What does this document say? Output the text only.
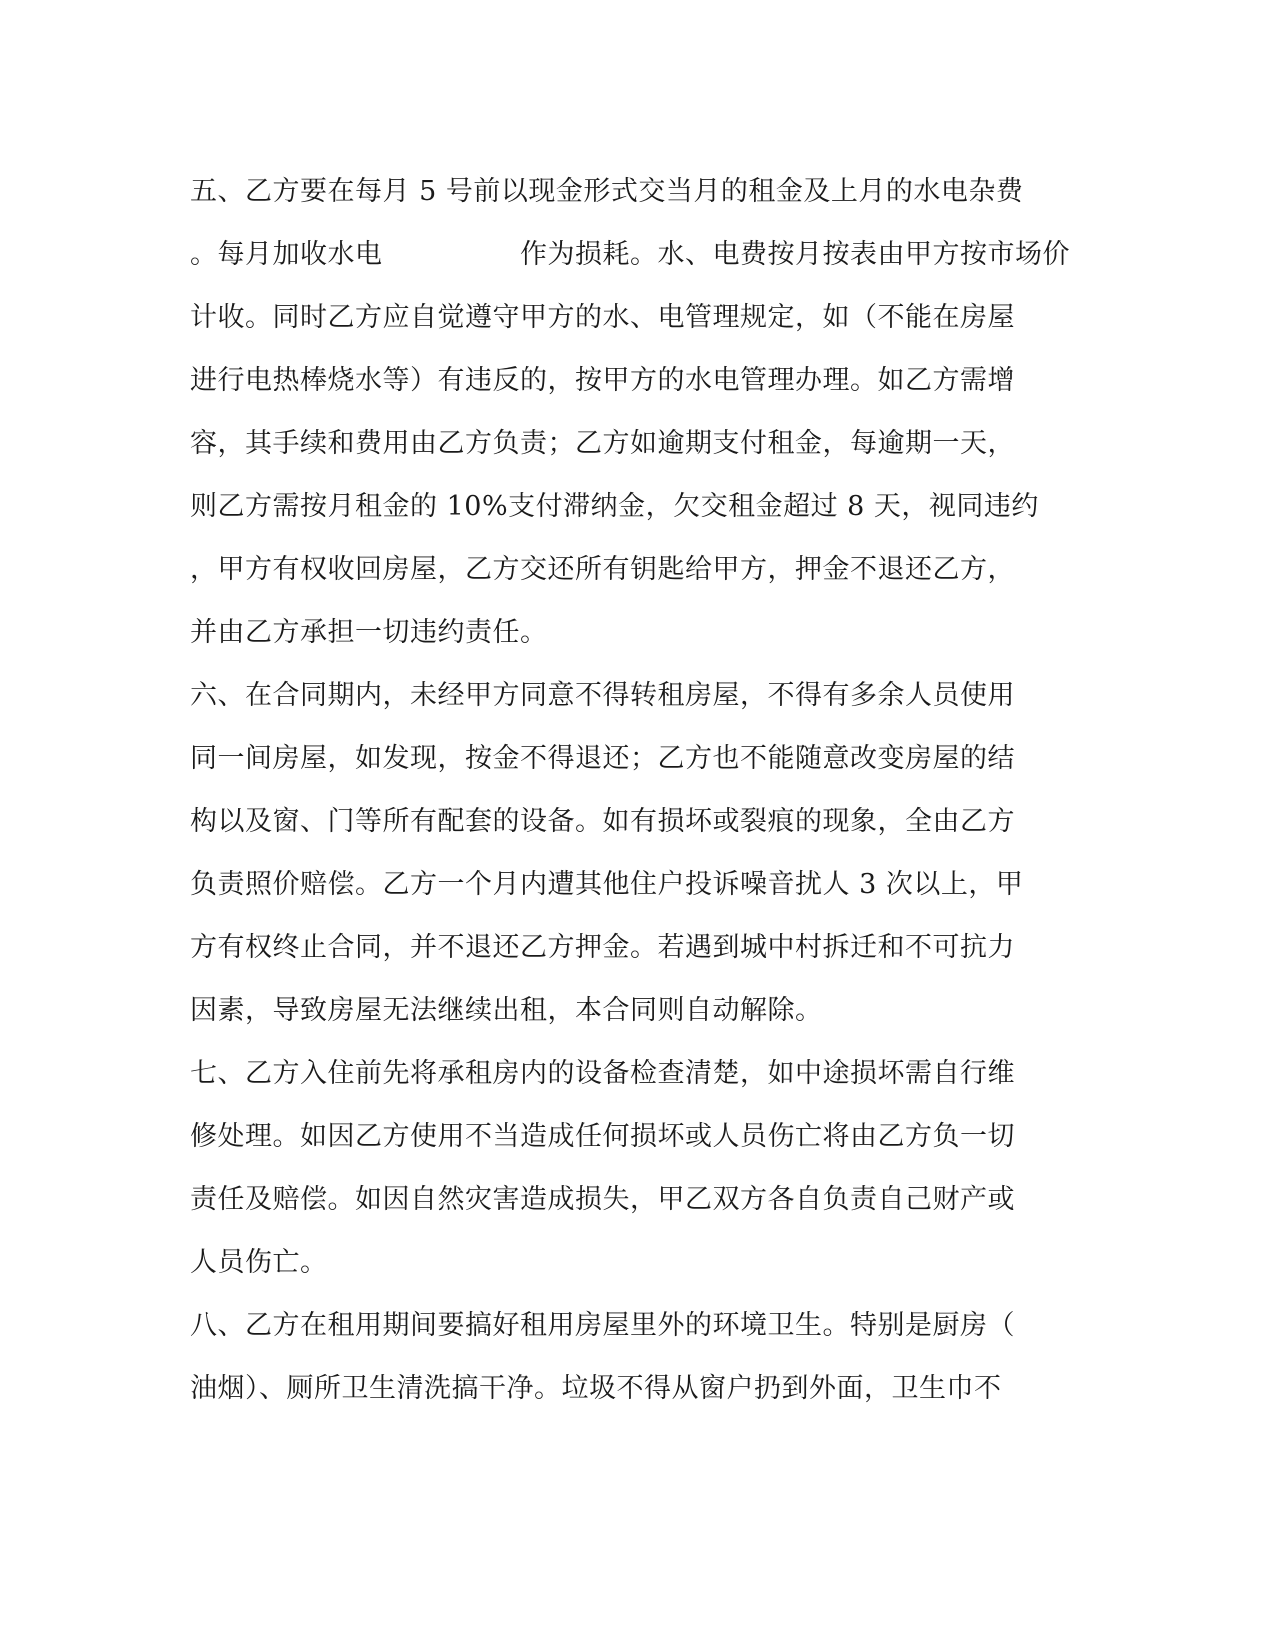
五、乙方要在每月 5 号前以现金形式交当月的租金及上月的水电杂费
。每月加收水电　　　　　作为损耗。水、电费按月按表由甲方按市场价
计收。同时乙方应自觉遵守甲方的水、电管理规定，如（不能在房屋
进行电热棒烧水等）有违反的，按甲方的水电管理办理。如乙方需增
容，其手续和费用由乙方负责；乙方如逾期支付租金，每逾期一天，
则乙方需按月租金的 10%支付滞纳金，欠交租金超过 8 天，视同违约
，甲方有权收回房屋，乙方交还所有钥匙给甲方，押金不退还乙方，
并由乙方承担一切违约责任。
六、在合同期内，未经甲方同意不得转租房屋，不得有多余人员使用
同一间房屋，如发现，按金不得退还；乙方也不能随意改变房屋的结
构以及窗、门等所有配套的设备。如有损坏或裂痕的现象，全由乙方
负责照价赔偿。乙方一个月内遭其他住户投诉噪音扰人 3 次以上，甲
方有权终止合同，并不退还乙方押金。若遇到城中村拆迁和不可抗力
因素，导致房屋无法继续出租，本合同则自动解除。
七、乙方入住前先将承租房内的设备检查清楚，如中途损坏需自行维
修处理。如因乙方使用不当造成任何损坏或人员伤亡将由乙方负一切
责任及赔偿。如因自然灾害造成损失，甲乙双方各自负责自己财产或
人员伤亡。
八、乙方在租用期间要搞好租用房屋里外的环境卫生。特别是厨房（
油烟）、厕所卫生清洗搞干净。垃圾不得从窗户扔到外面，卫生巾不
